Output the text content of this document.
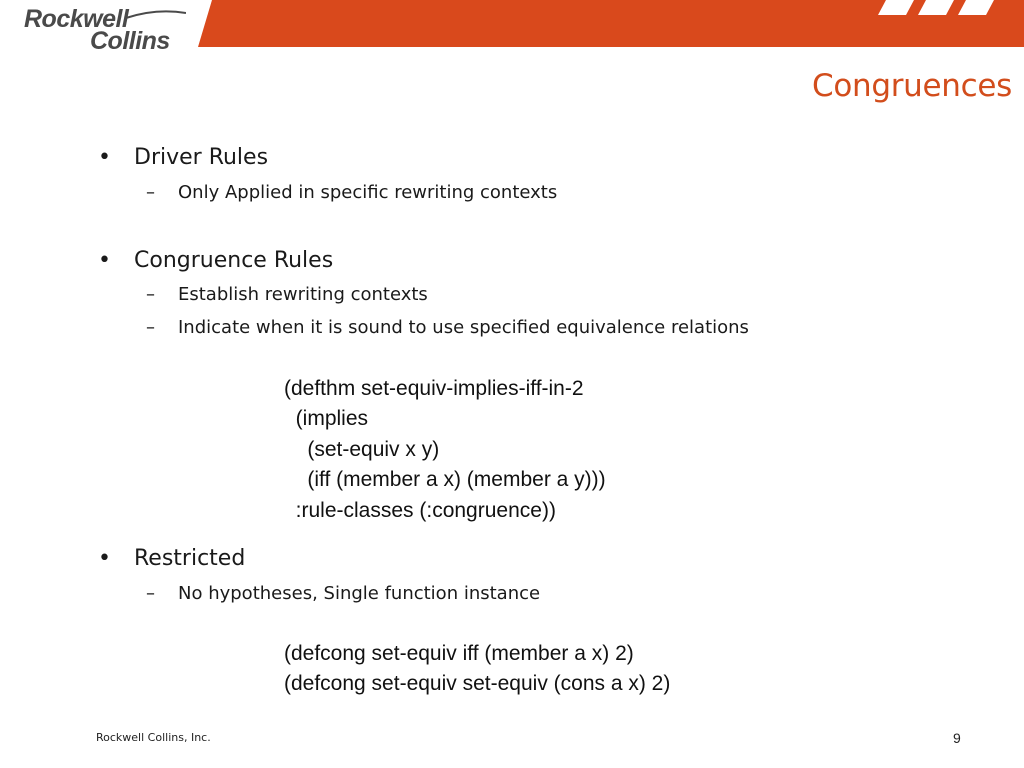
Rockwell
Collins
Congruences
• Driver Rules
– Only Applied in specific rewriting contexts
• Congruence Rules
– Establish rewriting contexts
– Indicate when it is sound to use specified equivalence relations
(defthm set-equiv-implies-iff-in-2
(implies
(set-equiv x y)
(iff (member a x) (member a y)))
:rule-classes (:congruence))
• Restricted
– No hypotheses, Single function instance
(defcong set-equiv iff (member a x) 2)
(defcong set-equiv set-equiv (cons a x) 2)
Rockwell Collins, Inc.	9
